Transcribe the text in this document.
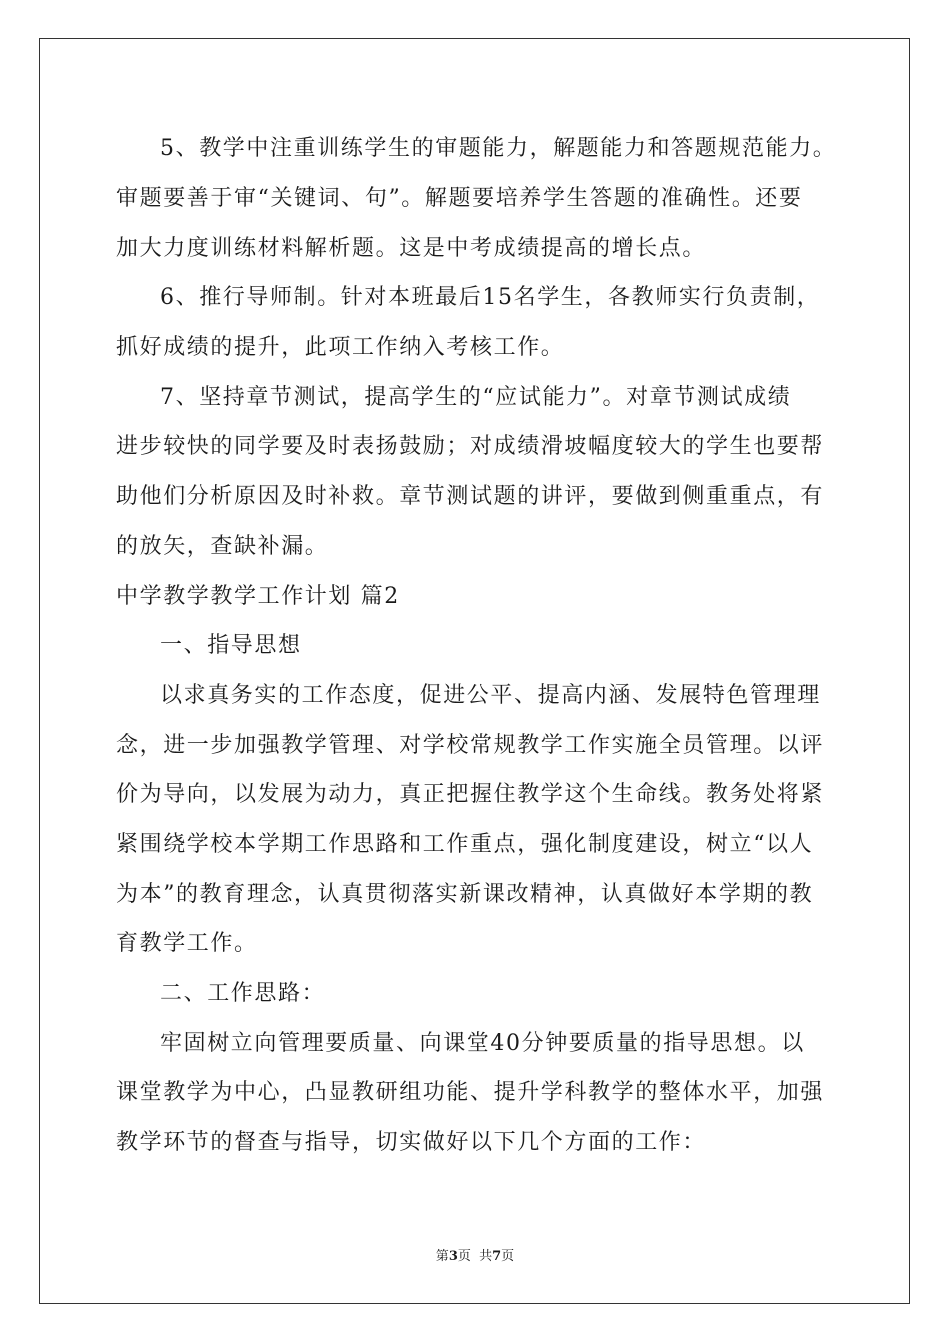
5、教学中注重训练学生的审题能力，解题能力和答题规范能力。
审题要善于审“关键词、句”。解题要培养学生答题的准确性。还要
加大力度训练材料解析题。这是中考成绩提高的增长点。
6、推行导师制。针对本班最后15名学生，各教师实行负责制，
抓好成绩的提升，此项工作纳入考核工作。
7、坚持章节测试，提高学生的“应试能力”。对章节测试成绩
进步较快的同学要及时表扬鼓励；对成绩滑坡幅度较大的学生也要帮
助他们分析原因及时补救。章节测试题的讲评，要做到侧重重点，有
的放矢，查缺补漏。
中学教学教学工作计划 篇2
一、指导思想
以求真务实的工作态度，促进公平、提高内涵、发展特色管理理
念，进一步加强教学管理、对学校常规教学工作实施全员管理。以评
价为导向，以发展为动力，真正把握住教学这个生命线。教务处将紧
紧围绕学校本学期工作思路和工作重点，强化制度建设，树立“以人
为本”的教育理念，认真贯彻落实新课改精神，认真做好本学期的教
育教学工作。
二、工作思路：
牢固树立向管理要质量、向课堂40分钟要质量的指导思想。以
课堂教学为中心，凸显教研组功能、提升学科教学的整体水平，加强
教学环节的督查与指导，切实做好以下几个方面的工作：
第3页  共7页
